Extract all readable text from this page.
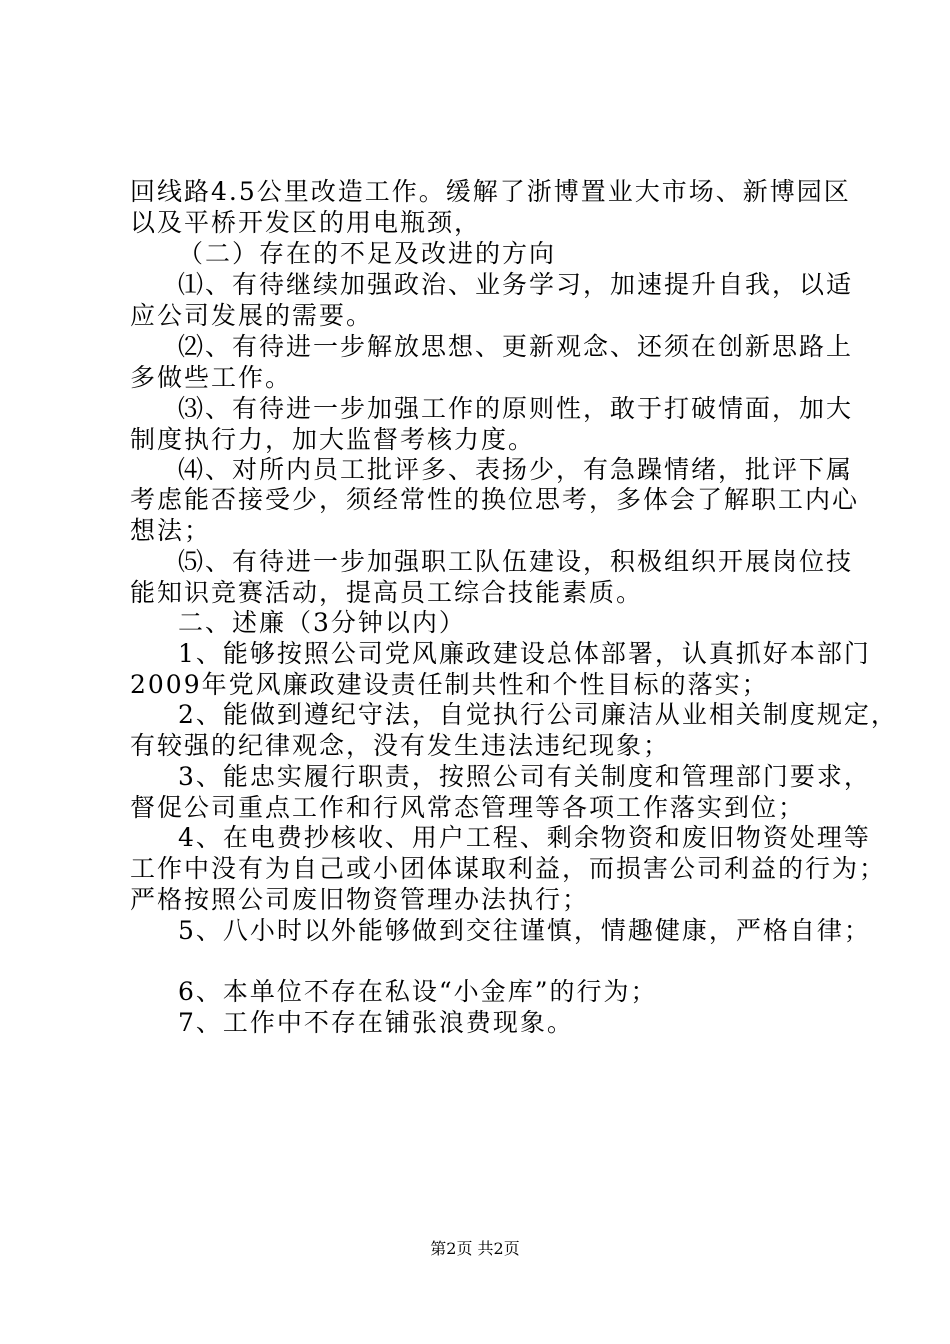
回线路4.5公里改造工作。缓解了浙博置业大市场、新博园区
以及平桥开发区的用电瓶颈，
（二）存在的不足及改进的方向
⑴、有待继续加强政治、业务学习，加速提升自我，以适
应公司发展的需要。
⑵、有待进一步解放思想、更新观念、还须在创新思路上
多做些工作。
⑶、有待进一步加强工作的原则性，敢于打破情面，加大
制度执行力，加大监督考核力度。
⑷、对所内员工批评多、表扬少，有急躁情绪，批评下属
考虑能否接受少，须经常性的换位思考，多体会了解职工内心
想法；
⑸、有待进一步加强职工队伍建设，积极组织开展岗位技
能知识竞赛活动，提高员工综合技能素质。
二、述廉（3分钟以内）
1、能够按照公司党风廉政建设总体部署，认真抓好本部门
2009年党风廉政建设责任制共性和个性目标的落实；
2、能做到遵纪守法，自觉执行公司廉洁从业相关制度规定，
有较强的纪律观念，没有发生违法违纪现象；
3、能忠实履行职责，按照公司有关制度和管理部门要求，
督促公司重点工作和行风常态管理等各项工作落实到位；
4、在电费抄核收、用户工程、剩余物资和废旧物资处理等
工作中没有为自己或小团体谋取利益，而损害公司利益的行为；
严格按照公司废旧物资管理办法执行；
5、八小时以外能够做到交往谨慎，情趣健康，严格自律；
6、本单位不存在私设“小金库”的行为；
7、工作中不存在铺张浪费现象。
第2页 共2页
